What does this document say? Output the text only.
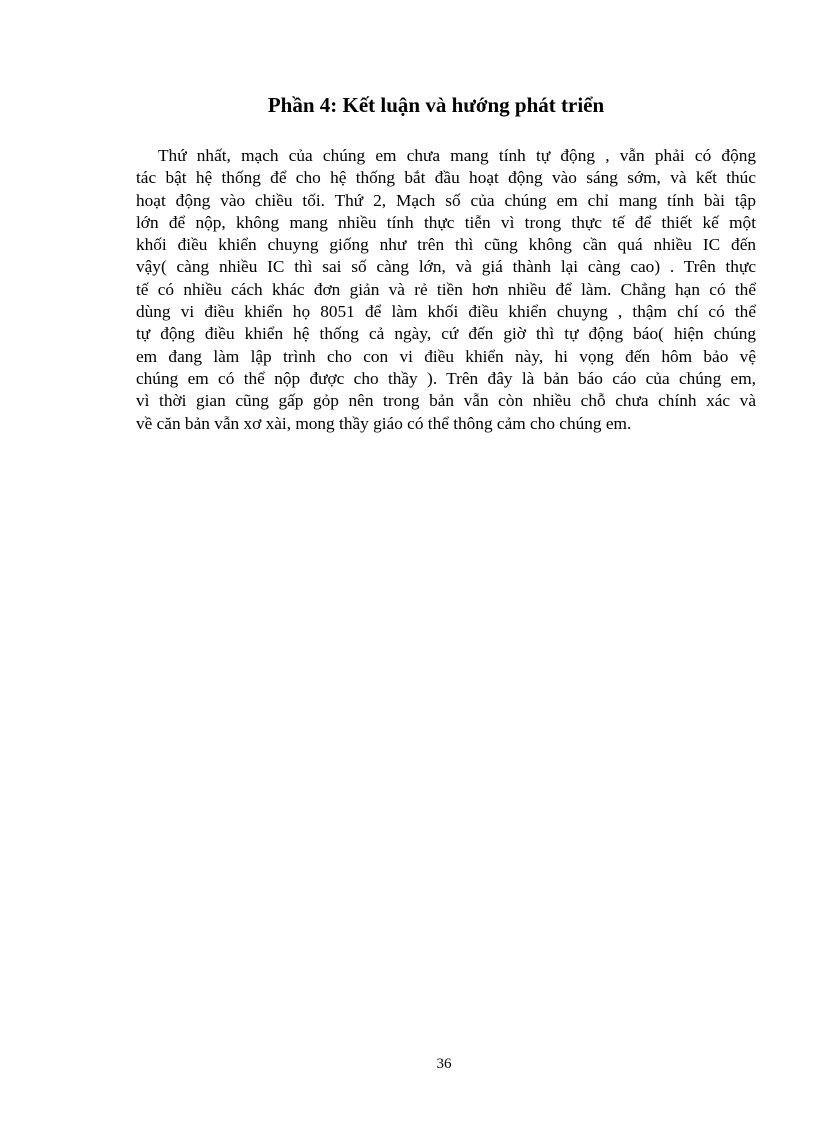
Phần 4: Kết luận và hướng phát triển
Thứ nhất, mạch của chúng em chưa mang tính tự động , vẫn phải có động
tác bật hệ thống để cho hệ thống bắt đầu hoạt động vào sáng sớm, và kết thúc
hoạt động vào chiều tối. Thứ 2, Mạch số của chúng em chỉ mang tính bài tập
lớn để nộp, không mang nhiều tính thực tiễn vì trong thực tế để thiết kế một
khối điều khiển chuyng giống như trên thì cũng không cần quá nhiều IC đến
vậy( càng nhiều IC thì sai số càng lớn, và giá thành lại càng cao) . Trên thực
tế có nhiều cách khác đơn giản và rẻ tiền hơn nhiều để làm. Chẳng hạn có thể
dùng vi điều khiển họ 8051 để làm khối điều khiển chuyng , thậm chí có thể
tự động điều khiển hệ thống cả ngày, cứ đến giờ thì tự động báo( hiện chúng
em đang làm lập trình cho con vi điều khiển này, hi vọng đến hôm bảo vệ
chúng em có thể nộp được cho thầy ). Trên đây là bản báo cáo của chúng em,
vì thời gian cũng gấp gỏp nên trong bản vẫn còn nhiều chỗ chưa chính xác và
về căn bản vẫn xơ xài, mong thầy giáo có thể thông cảm cho chúng em.

36
